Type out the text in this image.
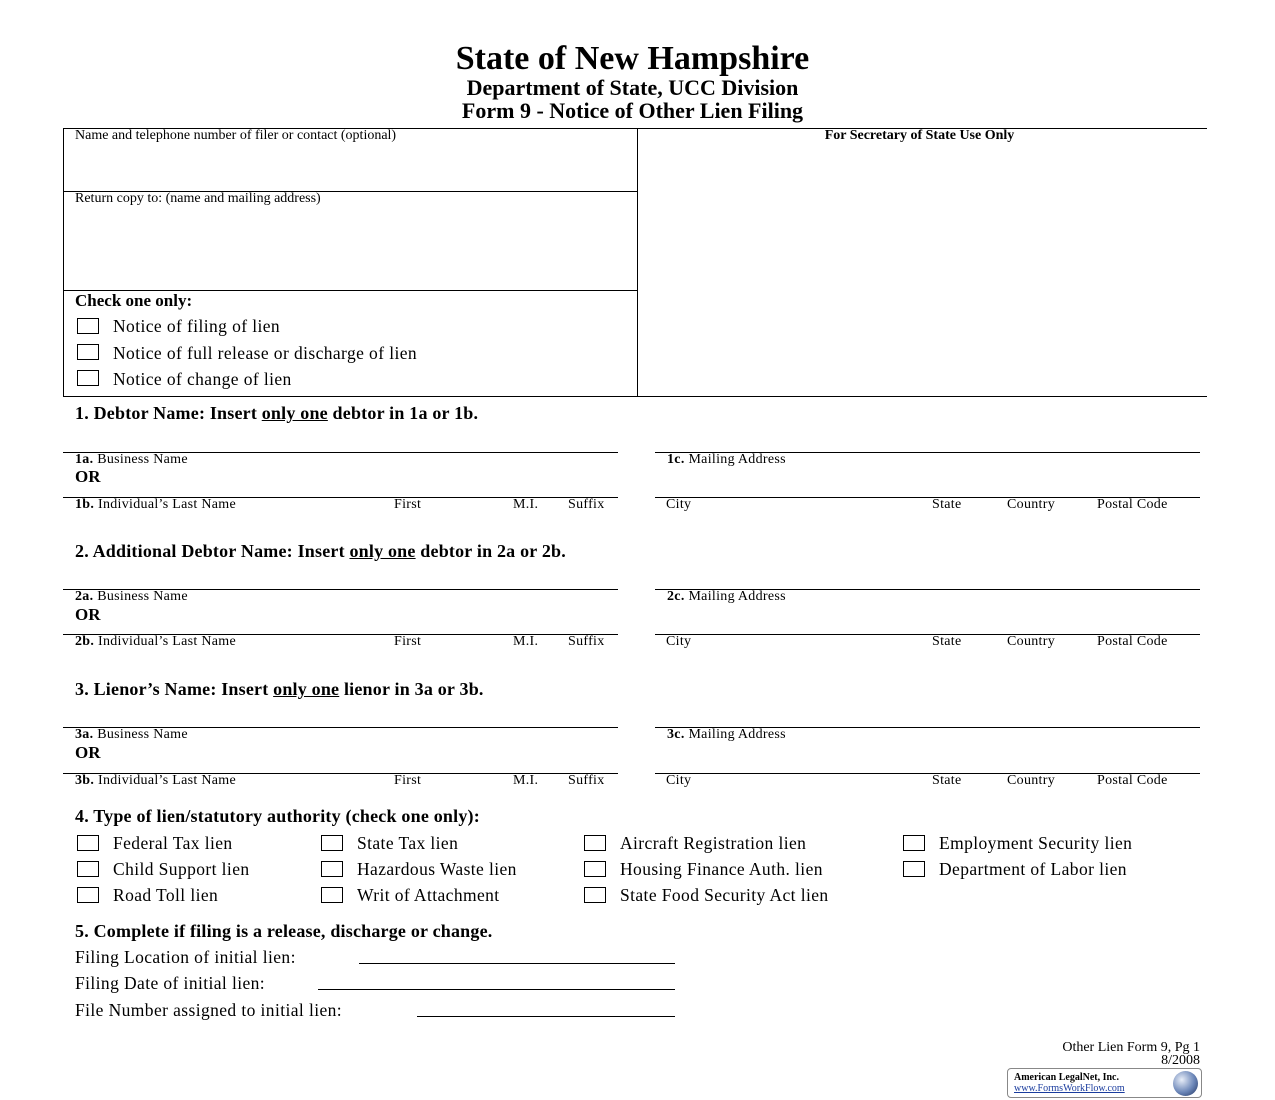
State of New Hampshire
Department of State, UCC Division
Form 9 - Notice of Other Lien Filing
Name and telephone number of filer or contact (optional)
Return copy to: (name and mailing address)
For Secretary of State Use Only
Check one only:
Notice of filing of lien
Notice of full release or discharge of lien
Notice of change of lien
1. Debtor Name: Insert only one debtor in 1a or 1b.
1a. Business Name
OR
1c. Mailing Address
1b. Individual’s Last Name	First	M.I. Suffix	City	State	Country	Postal Code
2. Additional Debtor Name: Insert only one debtor in 2a or 2b.
2a. Business Name
OR
2c. Mailing Address
2b. Individual’s Last Name	First	M.I. Suffix	City	State	Country	Postal Code
3. Lienor’s Name: Insert only one lienor in 3a or 3b.
3a. Business Name
OR
3c. Mailing Address
3b. Individual’s Last Name	First	M.I. Suffix	City	State	Country	Postal Code
4. Type of lien/statutory authority (check one only):
Federal Tax lien
Child Support lien
Road Toll lien
State Tax lien
Hazardous Waste lien
Writ of Attachment
Aircraft Registration lien
Housing Finance Auth. lien
State Food Security Act lien
Employment Security lien
Department of Labor lien
5. Complete if filing is a release, discharge or change.
Filing Location of initial lien:
Filing Date of initial lien:
File Number assigned to initial lien:
Other Lien Form 9, Pg 1
8/2008
American LegalNet, Inc.
www.FormsWorkFlow.com
